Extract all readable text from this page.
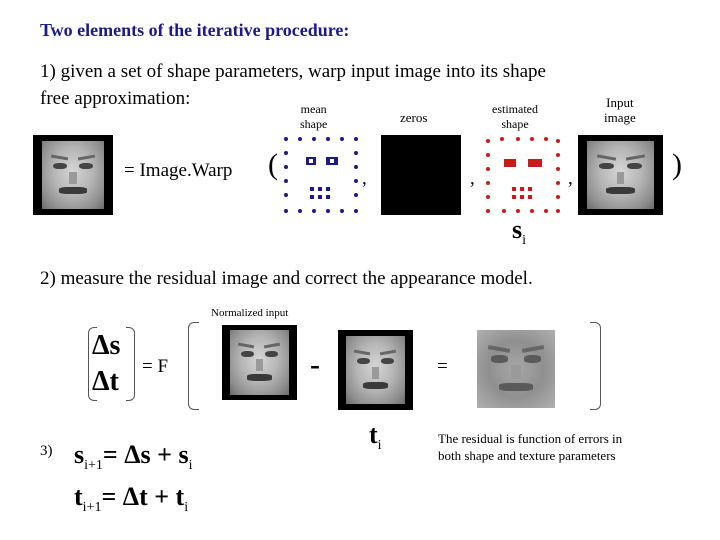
Two elements of the iterative procedure:
1) given a set of shape parameters, warp input image into its shape
free approximation:	mean
shape	zeros
estimated
shape
Input
image
= Image.Warp (	,	,	,	)
$s_i$
2) measure the residual image and correct the appearance model.
Normalized input
Δs
Δt = F	-	=
$t_i$	The residual is function of errors in
both shape and texture parameters
3) $s_{i+1}= \Delta s + s_i$
$t_{i+1}= \Delta t + t_i$
